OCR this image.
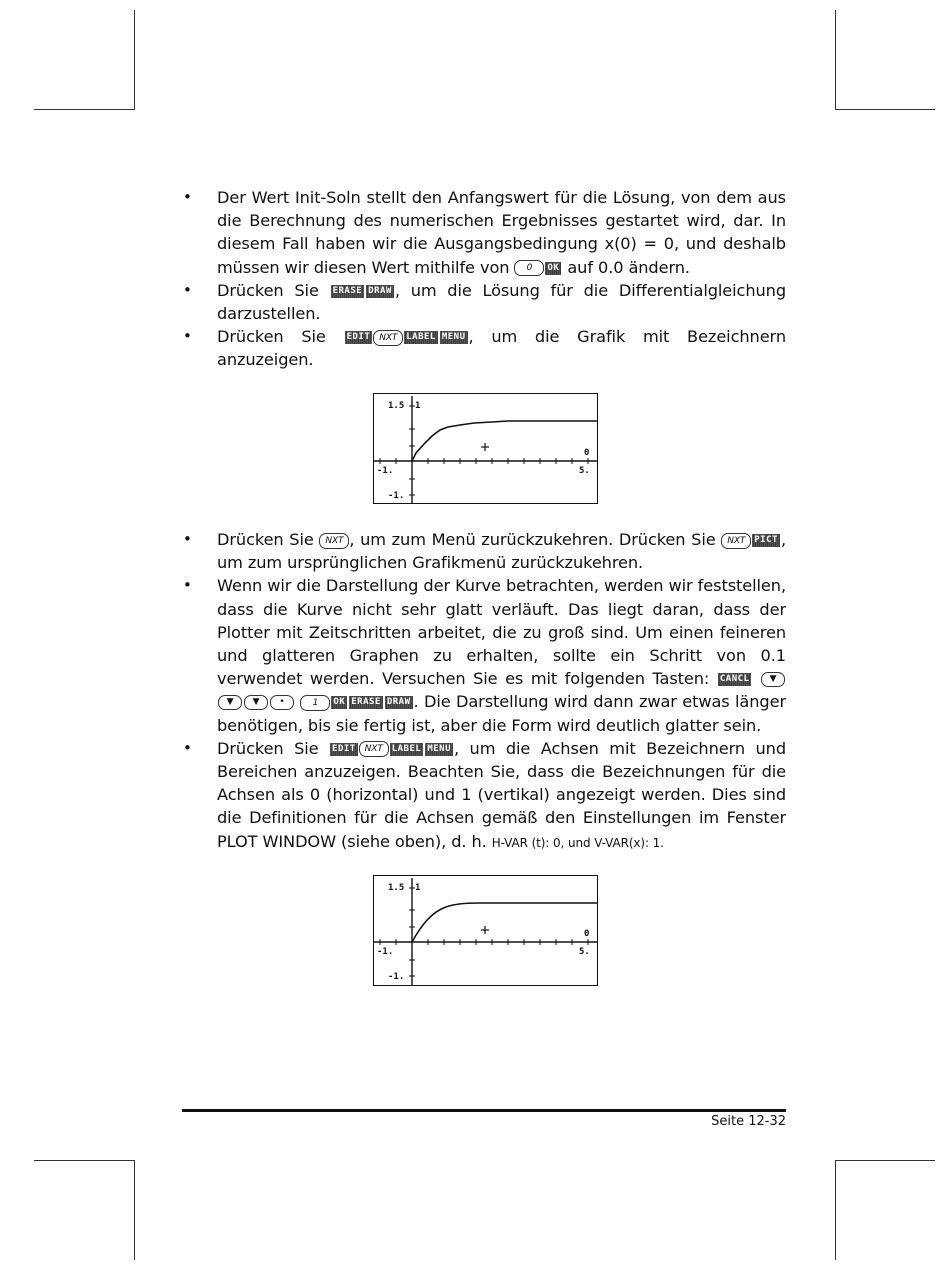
• Der Wert Init-Soln stellt den Anfangswert für die Lösung, von dem aus die Berechnung des numerischen Ergebnisses gestartet wird, dar. In diesem Fall haben wir die Ausgangsbedingung x(0) = 0, und deshalb müssen wir diesen Wert mithilfe von 0 OK auf 0.0 ändern.
• Drücken Sie ERASE DRAW , um die Lösung für die Differentialgleichung darzustellen.
• Drücken Sie EDIT NXT LABEL MENU , um die Grafik mit Bezeichnern anzuzeigen.
1.5 1
-1.	5.
0
-1.
• Drücken Sie NXT , um zum Menü zurückzukehren. Drücken Sie NXT PICT , um zum ursprünglichen Grafikmenü zurückzukehren.
• Wenn wir die Darstellung der Kurve betrachten, werden wir feststellen, dass die Kurve nicht sehr glatt verläuft. Das liegt daran, dass der Plotter mit Zeitschritten arbeitet, die zu groß sind. Um einen feineren und glatteren Graphen zu erhalten, sollte ein Schritt von 0.1 verwendet werden. Versuchen Sie es mit folgenden Tasten: CANCL ▼▼ ▼ •	1 OK ERASE DRAW . Die Darstellung wird dann zwar etwas länger benötigen, bis sie fertig ist, aber die Form wird deutlich glatter sein.
• Drücken Sie EDIT NXT LABEL MENU , um die Achsen mit Bezeichnern und Bereichen anzuzeigen. Beachten Sie, dass die Bezeichnungen für die Achsen als 0 (horizontal) und 1 (vertikal) angezeigt werden. Dies sind die Definitionen für die Achsen gemäß den Einstellungen im Fenster PLOT WINDOW (siehe oben), d. h. H-VAR (t): 0, und V-VAR(x): 1.
1.5 1
-1.	5.
0
-1.
Seite 12-32
